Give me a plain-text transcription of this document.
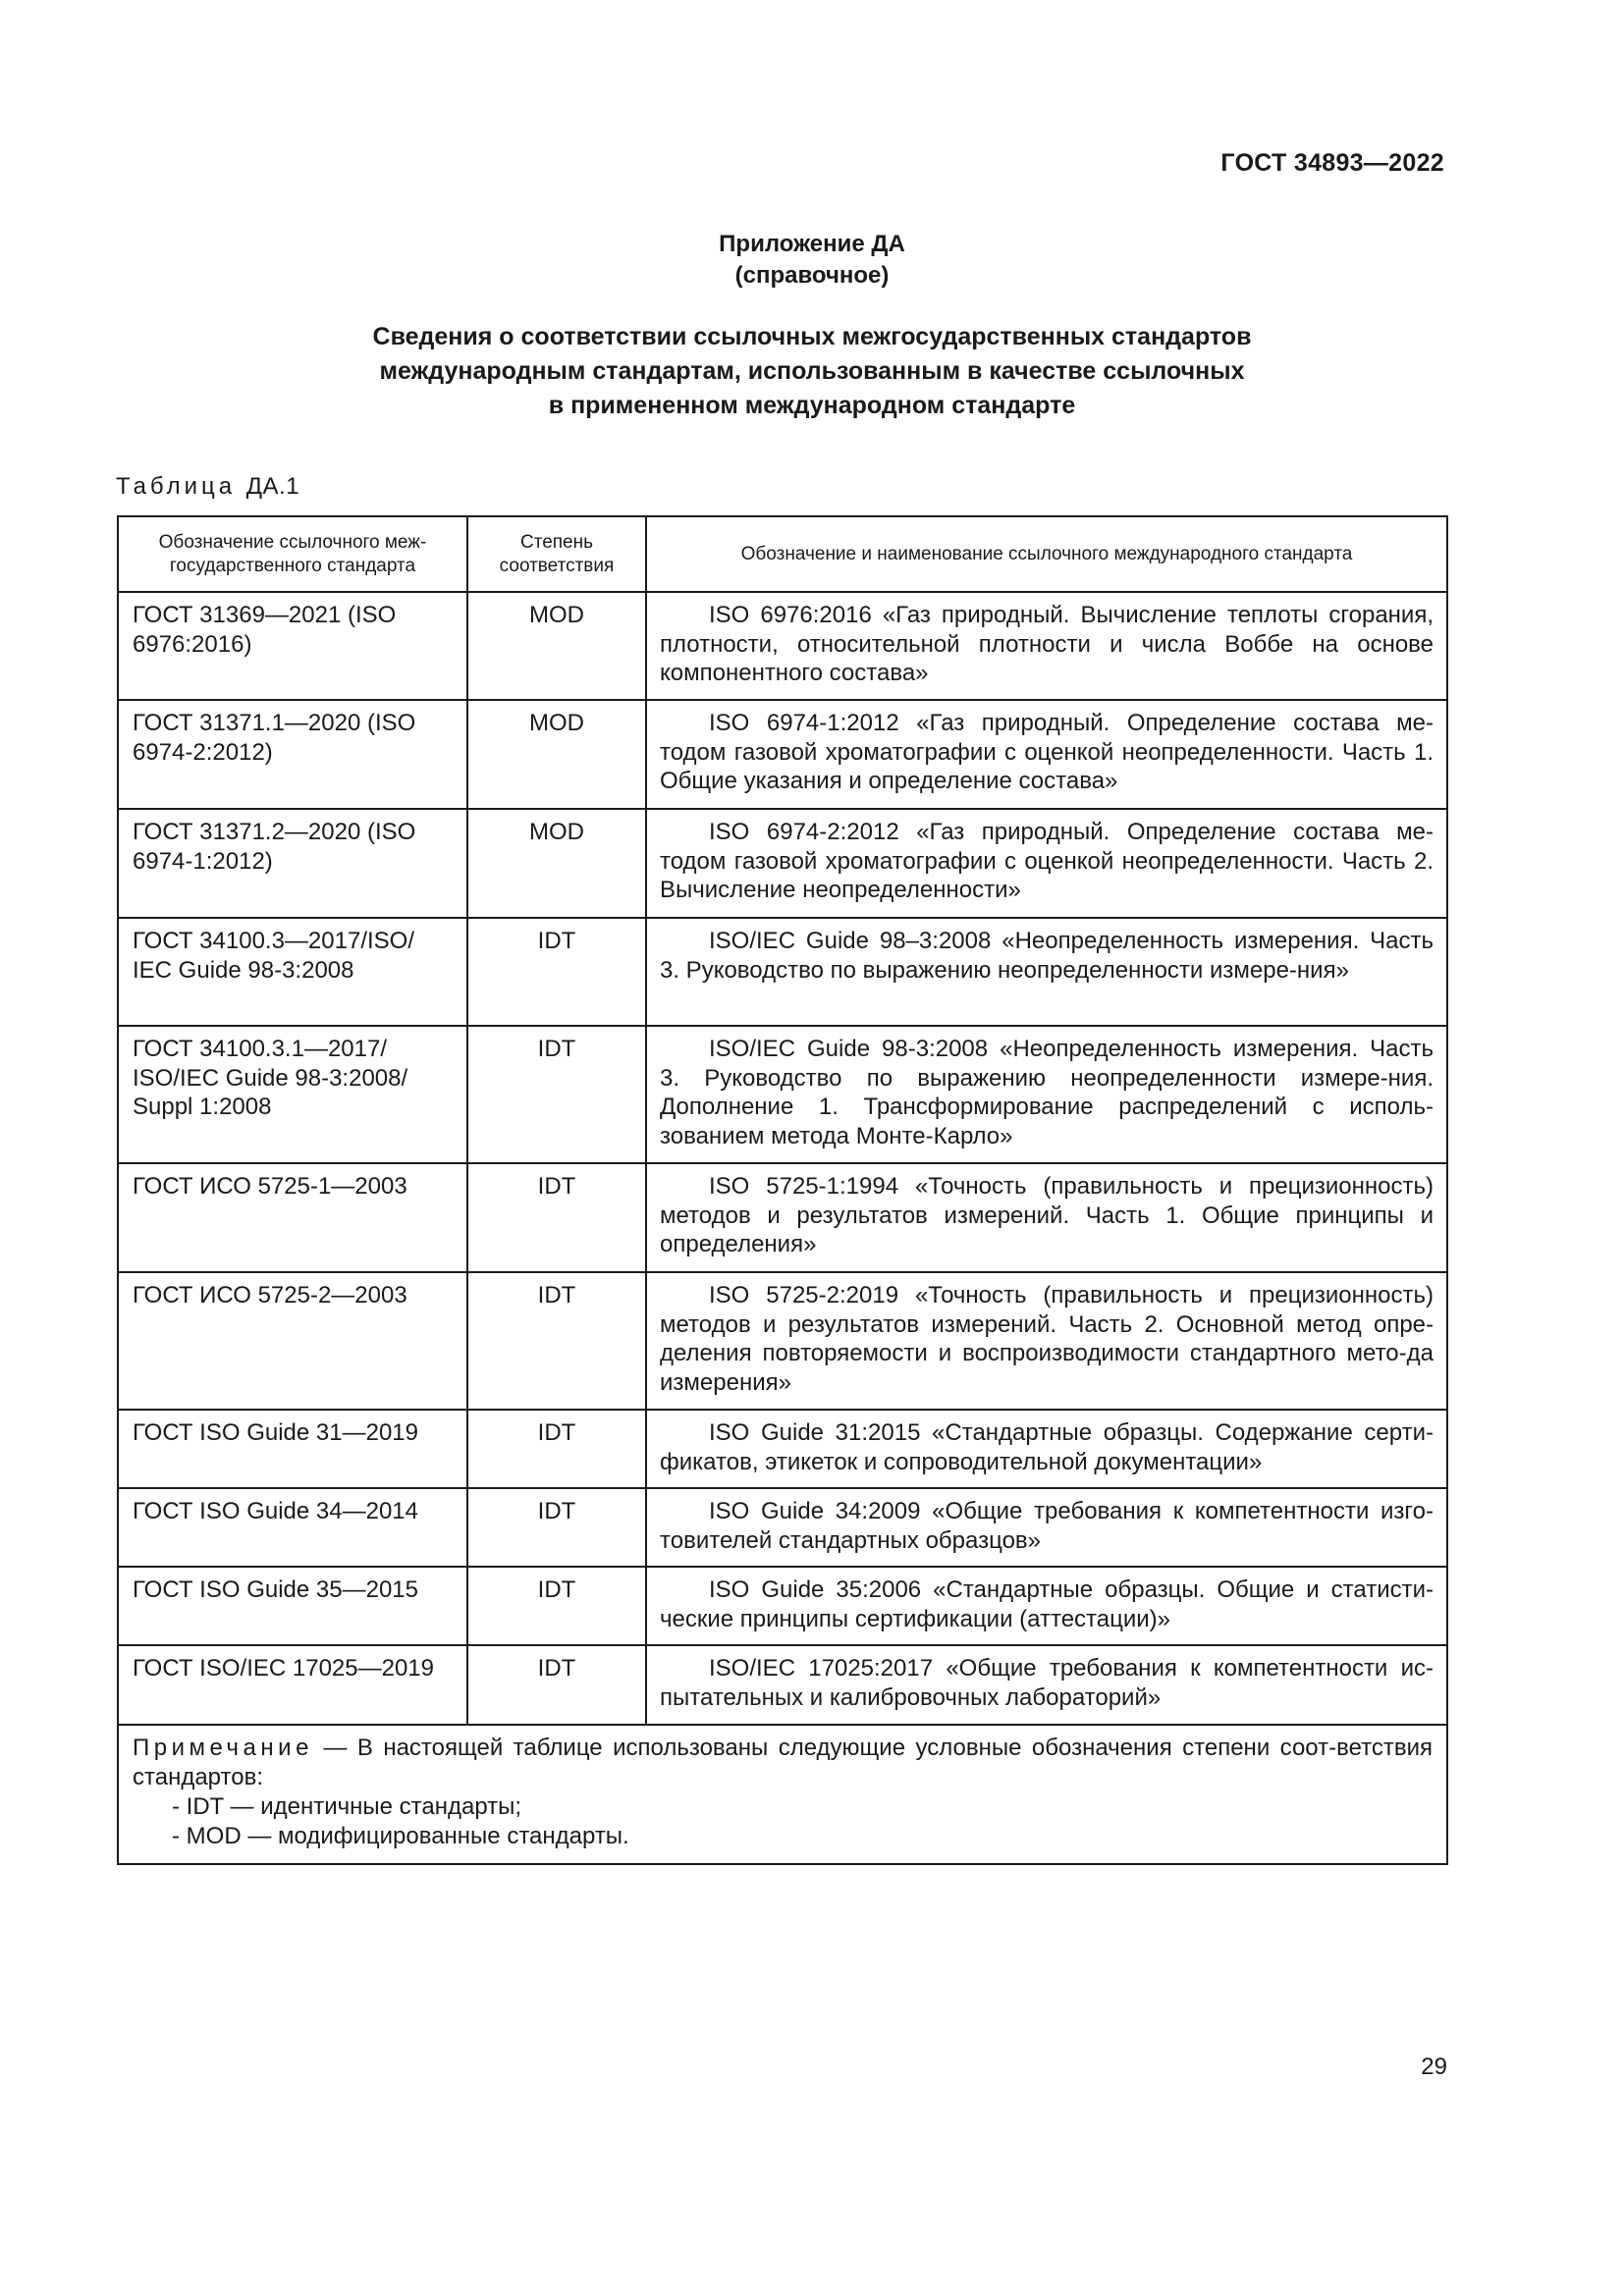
ГОСТ 34893—2022
Приложение ДА
(справочное)
Сведения о соответствии ссылочных межгосударственных стандартов
международным стандартам, использованным в качестве ссылочных
в примененном международном стандарте
Таблица ДА.1
Обозначение ссылочного меж-государственного стандарта	Степень соответствия	Обозначение и наименование ссылочного международного стандарта
ГОСТ 31369—2021 (ISO 6976:2016)	MOD	ISO 6976:2016 «Газ природный. Вычисление теплоты сгорания, плотности, относительной плотности и числа Воббе на основе компонентного состава»
ГОСТ 31371.1—2020 (ISO 6974-2:2012)	MOD	ISO 6974-1:2012 «Газ природный. Определение состава ме-тодом газовой хроматографии с оценкой неопределенности. Часть 1. Общие указания и определение состава»
ГОСТ 31371.2—2020 (ISO 6974-1:2012)	MOD	ISO 6974-2:2012 «Газ природный. Определение состава ме-тодом газовой хроматографии с оценкой неопределенности. Часть 2. Вычисление неопределенности»
ГОСТ 34100.3—2017/ISO/ IEC Guide 98-3:2008	IDT	ISO/IEC Guide 98–3:2008 «Неопределенность измерения. Часть 3. Руководство по выражению неопределенности измере-ния»
ГОСТ 34100.3.1—2017/ ISO/IEC Guide 98-3:2008/ Suppl 1:2008	IDT	ISO/IEC Guide 98-3:2008 «Неопределенность измерения. Часть 3. Руководство по выражению неопределенности измере-ния. Дополнение 1. Трансформирование распределений с исполь-зованием метода Монте-Карло»
ГОСТ ИСО 5725-1—2003	IDT	ISO 5725-1:1994 «Точность (правильность и прецизионность) методов и результатов измерений. Часть 1. Общие принципы и определения»
ГОСТ ИСО 5725-2—2003	IDT	ISO 5725-2:2019 «Точность (правильность и прецизионность) методов и результатов измерений. Часть 2. Основной метод опре-деления повторяемости и воспроизводимости стандартного мето-да измерения»
ГОСТ ISO Guide 31—2019	IDT	ISO Guide 31:2015 «Стандартные образцы. Содержание серти-фикатов, этикеток и сопроводительной документации»
ГОСТ ISO Guide 34—2014	IDT	ISO Guide 34:2009 «Общие требования к компетентности изго-товителей стандартных образцов»
ГОСТ ISO Guide 35—2015	IDT	ISO Guide 35:2006 «Стандартные образцы. Общие и статисти-ческие принципы сертификации (аттестации)»
ГОСТ ISO/IEC 17025—2019	IDT	ISO/IEC 17025:2017 «Общие требования к компетентности ис-пытательных и калибровочных лабораторий»

Примечание — В настоящей таблице использованы следующие условные обозначения степени соот-ветствия стандартов:
- IDT — идентичные стандарты;
- MOD — модифицированные стандарты.		
29
